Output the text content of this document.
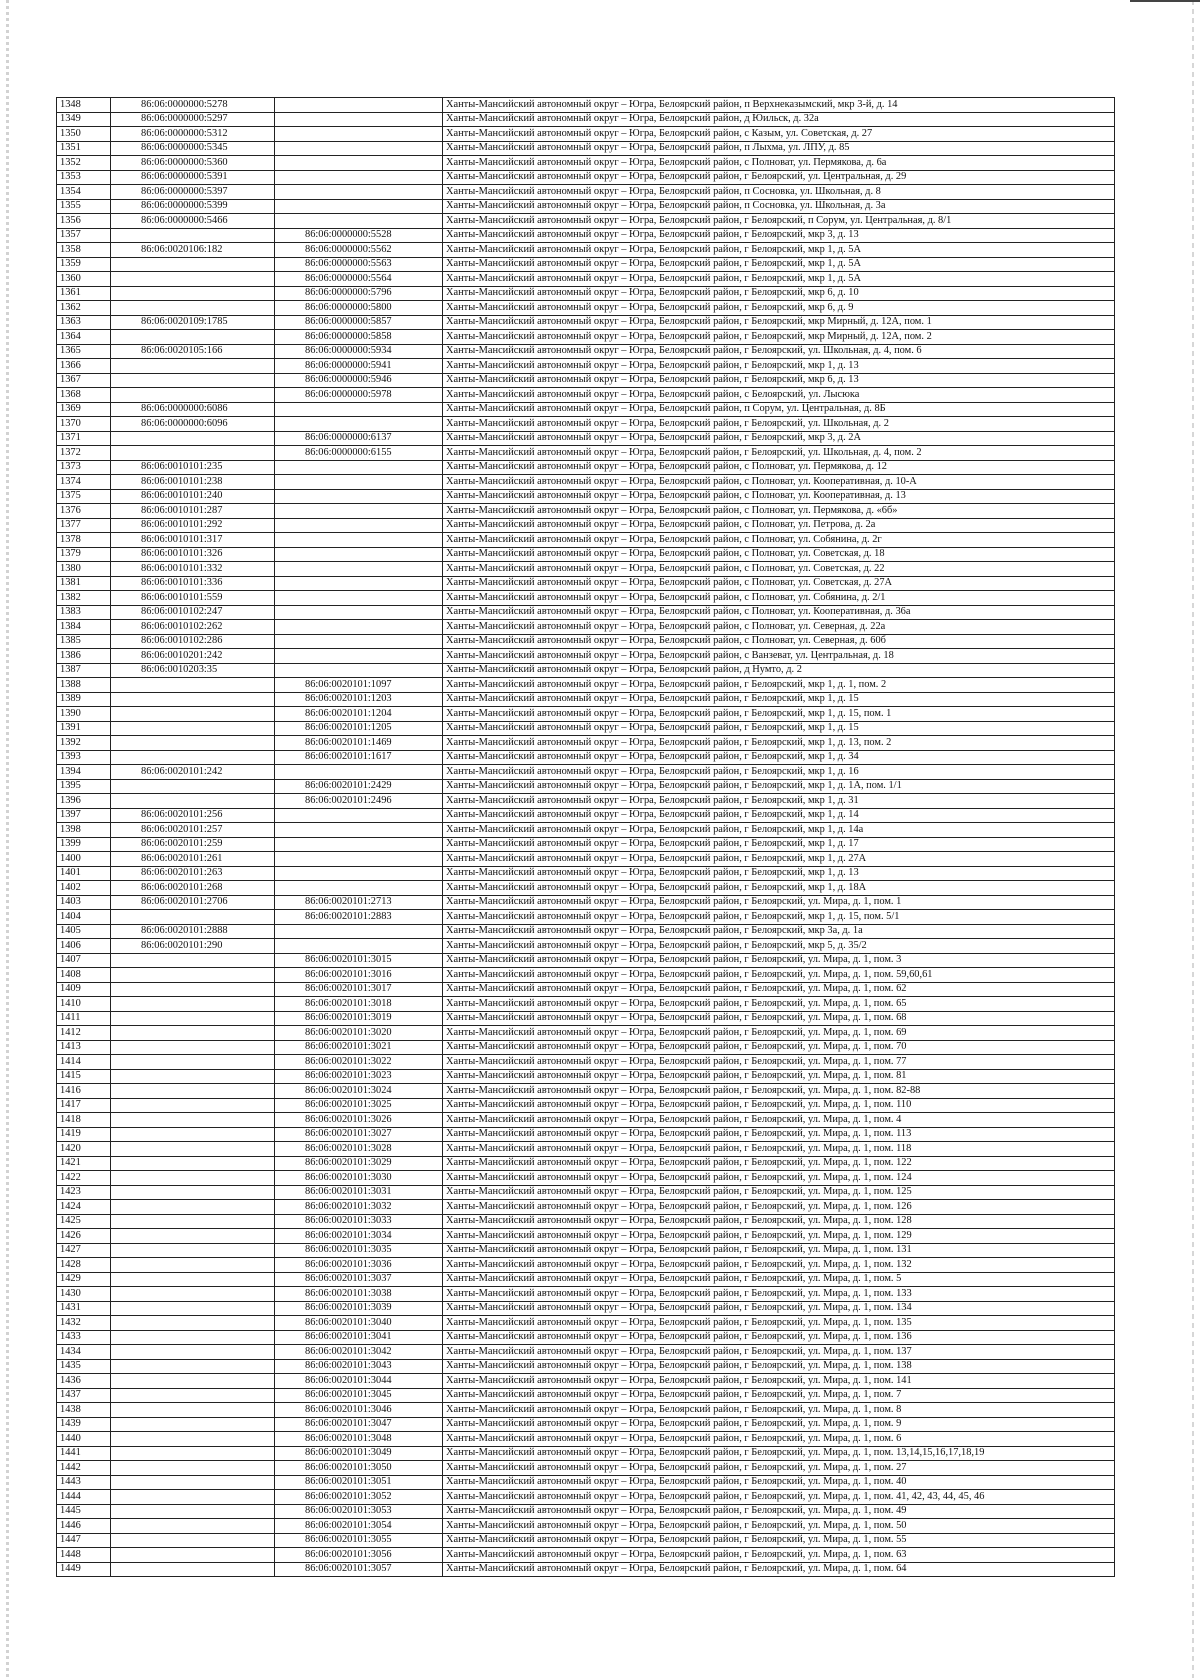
1348	86:06:0000000:5278		Ханты-Мансийский автономный округ – Югра, Белоярский район, п Верхнеказымский, мкр 3-й, д. 14
1349	86:06:0000000:5297		Ханты-Мансийский автономный округ – Югра, Белоярский район, д Юильск, д. 32а
1350	86:06:0000000:5312		Ханты-Мансийский автономный округ – Югра, Белоярский район, с Казым, ул. Советская, д. 27
1351	86:06:0000000:5345		Ханты-Мансийский автономный округ – Югра, Белоярский район, п Лыхма, ул. ЛПУ, д. 85
1352	86:06:0000000:5360		Ханты-Мансийский автономный округ – Югра, Белоярский район, с Полноват, ул. Пермякова, д. 6а
1353	86:06:0000000:5391		Ханты-Мансийский автономный округ – Югра, Белоярский район, г Белоярский, ул. Центральная, д. 29
1354	86:06:0000000:5397		Ханты-Мансийский автономный округ – Югра, Белоярский район, п Сосновка, ул. Школьная, д. 8
1355	86:06:0000000:5399		Ханты-Мансийский автономный округ – Югра, Белоярский район, п Сосновка, ул. Школьная, д. 3а
1356	86:06:0000000:5466		Ханты-Мансийский автономный округ – Югра, Белоярский район, г Белоярский, п Сорум, ул. Центральная, д. 8/1
1357		86:06:0000000:5528	Ханты-Мансийский автономный округ – Югра, Белоярский район, г Белоярский, мкр 3, д. 13
1358	86:06:0020106:182	86:06:0000000:5562	Ханты-Мансийский автономный округ – Югра, Белоярский район, г Белоярский, мкр 1, д. 5А
1359		86:06:0000000:5563	Ханты-Мансийский автономный округ – Югра, Белоярский район, г Белоярский, мкр 1, д. 5А
1360		86:06:0000000:5564	Ханты-Мансийский автономный округ – Югра, Белоярский район, г Белоярский, мкр 1, д. 5А
1361		86:06:0000000:5796	Ханты-Мансийский автономный округ – Югра, Белоярский район, г Белоярский, мкр 6, д. 10
1362		86:06:0000000:5800	Ханты-Мансийский автономный округ – Югра, Белоярский район, г Белоярский, мкр 6, д. 9
1363	86:06:0020109:1785	86:06:0000000:5857	Ханты-Мансийский автономный округ – Югра, Белоярский район, г Белоярский, мкр Мирный, д. 12А, пом. 1
1364		86:06:0000000:5858	Ханты-Мансийский автономный округ – Югра, Белоярский район, г Белоярский, мкр Мирный, д. 12А, пом. 2
1365	86:06:0020105:166	86:06:0000000:5934	Ханты-Мансийский автономный округ – Югра, Белоярский район, г Белоярский, ул. Школьная, д. 4, пом. 6
1366		86:06:0000000:5941	Ханты-Мансийский автономный округ – Югра, Белоярский район, г Белоярский, мкр 1, д. 13
1367		86:06:0000000:5946	Ханты-Мансийский автономный округ – Югра, Белоярский район, г Белоярский, мкр 6, д. 13
1368		86:06:0000000:5978	Ханты-Мансийский автономный округ – Югра, Белоярский район, с Белоярский, ул. Лысюка
1369	86:06:0000000:6086		Ханты-Мансийский автономный округ – Югра, Белоярский район, п Сорум, ул. Центральная, д. 8Б
1370	86:06:0000000:6096		Ханты-Мансийский автономный округ – Югра, Белоярский район, г Белоярский, ул. Школьная, д. 2
1371		86:06:0000000:6137	Ханты-Мансийский автономный округ – Югра, Белоярский район, г Белоярский, мкр 3, д. 2А
1372		86:06:0000000:6155	Ханты-Мансийский автономный округ – Югра, Белоярский район, г Белоярский, ул. Школьная, д. 4, пом. 2
1373	86:06:0010101:235		Ханты-Мансийский автономный округ – Югра, Белоярский район, с Полноват, ул. Пермякова, д. 12
1374	86:06:0010101:238		Ханты-Мансийский автономный округ – Югра, Белоярский район, с Полноват, ул. Кооперативная, д. 10-А
1375	86:06:0010101:240		Ханты-Мансийский автономный округ – Югра, Белоярский район, с Полноват, ул. Кооперативная, д. 13
1376	86:06:0010101:287		Ханты-Мансийский автономный округ – Югра, Белоярский район, с Полноват, ул. Пермякова, д. «6б»
1377	86:06:0010101:292		Ханты-Мансийский автономный округ – Югра, Белоярский район, с Полноват, ул. Петрова, д. 2а
1378	86:06:0010101:317		Ханты-Мансийский автономный округ – Югра, Белоярский район, с Полноват, ул. Собянина, д. 2г
1379	86:06:0010101:326		Ханты-Мансийский автономный округ – Югра, Белоярский район, с Полноват, ул. Советская, д. 18
1380	86:06:0010101:332		Ханты-Мансийский автономный округ – Югра, Белоярский район, с Полноват, ул. Советская, д. 22
1381	86:06:0010101:336		Ханты-Мансийский автономный округ – Югра, Белоярский район, с Полноват, ул. Советская, д. 27А
1382	86:06:0010101:559		Ханты-Мансийский автономный округ – Югра, Белоярский район, с Полноват, ул. Собянина, д. 2/1
1383	86:06:0010102:247		Ханты-Мансийский автономный округ – Югра, Белоярский район, с Полноват, ул. Кооперативная, д. 36а
1384	86:06:0010102:262		Ханты-Мансийский автономный округ – Югра, Белоярский район, с Полноват, ул. Северная, д. 22а
1385	86:06:0010102:286		Ханты-Мансийский автономный округ – Югра, Белоярский район, с Полноват, ул. Северная, д. 60б
1386	86:06:0010201:242		Ханты-Мансийский автономный округ – Югра, Белоярский район, с Ванзеват, ул. Центральная, д. 18
1387	86:06:0010203:35		Ханты-Мансийский автономный округ – Югра, Белоярский район, д Нумто, д. 2
1388		86:06:0020101:1097	Ханты-Мансийский автономный округ – Югра, Белоярский район, г Белоярский, мкр 1, д. 1, пом. 2
1389		86:06:0020101:1203	Ханты-Мансийский автономный округ – Югра, Белоярский район, г Белоярский, мкр 1, д. 15
1390		86:06:0020101:1204	Ханты-Мансийский автономный округ – Югра, Белоярский район, г Белоярский, мкр 1, д. 15, пом. 1
1391		86:06:0020101:1205	Ханты-Мансийский автономный округ – Югра, Белоярский район, г Белоярский, мкр 1, д. 15
1392		86:06:0020101:1469	Ханты-Мансийский автономный округ – Югра, Белоярский район, г Белоярский, мкр 1, д. 13, пом. 2
1393		86:06:0020101:1617	Ханты-Мансийский автономный округ – Югра, Белоярский район, г Белоярский, мкр 1, д. 34
1394	86:06:0020101:242		Ханты-Мансийский автономный округ – Югра, Белоярский район, г Белоярский, мкр 1, д. 16
1395		86:06:0020101:2429	Ханты-Мансийский автономный округ – Югра, Белоярский район, г Белоярский, мкр 1, д. 1А, пом. 1/1
1396		86:06:0020101:2496	Ханты-Мансийский автономный округ – Югра, Белоярский район, г Белоярский, мкр 1, д. 31
1397	86:06:0020101:256		Ханты-Мансийский автономный округ – Югра, Белоярский район, г Белоярский, мкр 1, д. 14
1398	86:06:0020101:257		Ханты-Мансийский автономный округ – Югра, Белоярский район, г Белоярский, мкр 1, д. 14а
1399	86:06:0020101:259		Ханты-Мансийский автономный округ – Югра, Белоярский район, г Белоярский, мкр 1, д. 17
1400	86:06:0020101:261		Ханты-Мансийский автономный округ – Югра, Белоярский район, г Белоярский, мкр 1, д. 27А
1401	86:06:0020101:263		Ханты-Мансийский автономный округ – Югра, Белоярский район, г Белоярский, мкр 1, д. 13
1402	86:06:0020101:268		Ханты-Мансийский автономный округ – Югра, Белоярский район, г Белоярский, мкр 1, д. 18А
1403	86:06:0020101:2706	86:06:0020101:2713	Ханты-Мансийский автономный округ – Югра, Белоярский район, г Белоярский, ул. Мира, д. 1, пом. 1
1404		86:06:0020101:2883	Ханты-Мансийский автономный округ – Югра, Белоярский район, г Белоярский, мкр 1, д. 15, пом. 5/1
1405	86:06:0020101:2888		Ханты-Мансийский автономный округ – Югра, Белоярский район, г Белоярский, мкр 3а, д. 1а
1406	86:06:0020101:290		Ханты-Мансийский автономный округ – Югра, Белоярский район, г Белоярский, мкр 5, д. 35/2
1407		86:06:0020101:3015	Ханты-Мансийский автономный округ – Югра, Белоярский район, г Белоярский, ул. Мира, д. 1, пом. 3
1408		86:06:0020101:3016	Ханты-Мансийский автономный округ – Югра, Белоярский район, г Белоярский, ул. Мира, д. 1, пом. 59,60,61
1409		86:06:0020101:3017	Ханты-Мансийский автономный округ – Югра, Белоярский район, г Белоярский, ул. Мира, д. 1, пом. 62
1410		86:06:0020101:3018	Ханты-Мансийский автономный округ – Югра, Белоярский район, г Белоярский, ул. Мира, д. 1, пом. 65
1411		86:06:0020101:3019	Ханты-Мансийский автономный округ – Югра, Белоярский район, г Белоярский, ул. Мира, д. 1, пом. 68
1412		86:06:0020101:3020	Ханты-Мансийский автономный округ – Югра, Белоярский район, г Белоярский, ул. Мира, д. 1, пом. 69
1413		86:06:0020101:3021	Ханты-Мансийский автономный округ – Югра, Белоярский район, г Белоярский, ул. Мира, д. 1, пом. 70
1414		86:06:0020101:3022	Ханты-Мансийский автономный округ – Югра, Белоярский район, г Белоярский, ул. Мира, д. 1, пом. 77
1415		86:06:0020101:3023	Ханты-Мансийский автономный округ – Югра, Белоярский район, г Белоярский, ул. Мира, д. 1, пом. 81
1416		86:06:0020101:3024	Ханты-Мансийский автономный округ – Югра, Белоярский район, г Белоярский, ул. Мира, д. 1, пом. 82-88
1417		86:06:0020101:3025	Ханты-Мансийский автономный округ – Югра, Белоярский район, г Белоярский, ул. Мира, д. 1, пом. 110
1418		86:06:0020101:3026	Ханты-Мансийский автономный округ – Югра, Белоярский район, г Белоярский, ул. Мира, д. 1, пом. 4
1419		86:06:0020101:3027	Ханты-Мансийский автономный округ – Югра, Белоярский район, г Белоярский, ул. Мира, д. 1, пом. 113
1420		86:06:0020101:3028	Ханты-Мансийский автономный округ – Югра, Белоярский район, г Белоярский, ул. Мира, д. 1, пом. 118
1421		86:06:0020101:3029	Ханты-Мансийский автономный округ – Югра, Белоярский район, г Белоярский, ул. Мира, д. 1, пом. 122
1422		86:06:0020101:3030	Ханты-Мансийский автономный округ – Югра, Белоярский район, г Белоярский, ул. Мира, д. 1, пом. 124
1423		86:06:0020101:3031	Ханты-Мансийский автономный округ – Югра, Белоярский район, г Белоярский, ул. Мира, д. 1, пом. 125
1424		86:06:0020101:3032	Ханты-Мансийский автономный округ – Югра, Белоярский район, г Белоярский, ул. Мира, д. 1, пом. 126
1425		86:06:0020101:3033	Ханты-Мансийский автономный округ – Югра, Белоярский район, г Белоярский, ул. Мира, д. 1, пом. 128
1426		86:06:0020101:3034	Ханты-Мансийский автономный округ – Югра, Белоярский район, г Белоярский, ул. Мира, д. 1, пом. 129
1427		86:06:0020101:3035	Ханты-Мансийский автономный округ – Югра, Белоярский район, г Белоярский, ул. Мира, д. 1, пом. 131
1428		86:06:0020101:3036	Ханты-Мансийский автономный округ – Югра, Белоярский район, г Белоярский, ул. Мира, д. 1, пом. 132
1429		86:06:0020101:3037	Ханты-Мансийский автономный округ – Югра, Белоярский район, г Белоярский, ул. Мира, д. 1, пом. 5
1430		86:06:0020101:3038	Ханты-Мансийский автономный округ – Югра, Белоярский район, г Белоярский, ул. Мира, д. 1, пом. 133
1431		86:06:0020101:3039	Ханты-Мансийский автономный округ – Югра, Белоярский район, г Белоярский, ул. Мира, д. 1, пом. 134
1432		86:06:0020101:3040	Ханты-Мансийский автономный округ – Югра, Белоярский район, г Белоярский, ул. Мира, д. 1, пом. 135
1433		86:06:0020101:3041	Ханты-Мансийский автономный округ – Югра, Белоярский район, г Белоярский, ул. Мира, д. 1, пом. 136
1434		86:06:0020101:3042	Ханты-Мансийский автономный округ – Югра, Белоярский район, г Белоярский, ул. Мира, д. 1, пом. 137
1435		86:06:0020101:3043	Ханты-Мансийский автономный округ – Югра, Белоярский район, г Белоярский, ул. Мира, д. 1, пом. 138
1436		86:06:0020101:3044	Ханты-Мансийский автономный округ – Югра, Белоярский район, г Белоярский, ул. Мира, д. 1, пом. 141
1437		86:06:0020101:3045	Ханты-Мансийский автономный округ – Югра, Белоярский район, г Белоярский, ул. Мира, д. 1, пом. 7
1438		86:06:0020101:3046	Ханты-Мансийский автономный округ – Югра, Белоярский район, г Белоярский, ул. Мира, д. 1, пом. 8
1439		86:06:0020101:3047	Ханты-Мансийский автономный округ – Югра, Белоярский район, г Белоярский, ул. Мира, д. 1, пом. 9
1440		86:06:0020101:3048	Ханты-Мансийский автономный округ – Югра, Белоярский район, г Белоярский, ул. Мира, д. 1, пом. 6
1441		86:06:0020101:3049	Ханты-Мансийский автономный округ – Югра, Белоярский район, г Белоярский, ул. Мира, д. 1, пом. 13,14,15,16,17,18,19
1442		86:06:0020101:3050	Ханты-Мансийский автономный округ – Югра, Белоярский район, г Белоярский, ул. Мира, д. 1, пом. 27
1443		86:06:0020101:3051	Ханты-Мансийский автономный округ – Югра, Белоярский район, г Белоярский, ул. Мира, д. 1, пом. 40
1444		86:06:0020101:3052	Ханты-Мансийский автономный округ – Югра, Белоярский район, г Белоярский, ул. Мира, д. 1, пом. 41, 42, 43, 44, 45, 46
1445		86:06:0020101:3053	Ханты-Мансийский автономный округ – Югра, Белоярский район, г Белоярский, ул. Мира, д. 1, пом. 49
1446		86:06:0020101:3054	Ханты-Мансийский автономный округ – Югра, Белоярский район, г Белоярский, ул. Мира, д. 1, пом. 50
1447		86:06:0020101:3055	Ханты-Мансийский автономный округ – Югра, Белоярский район, г Белоярский, ул. Мира, д. 1, пом. 55
1448		86:06:0020101:3056	Ханты-Мансийский автономный округ – Югра, Белоярский район, г Белоярский, ул. Мира, д. 1, пом. 63
1449		86:06:0020101:3057	Ханты-Мансийский автономный округ – Югра, Белоярский район, г Белоярский, ул. Мира, д. 1, пом. 64
